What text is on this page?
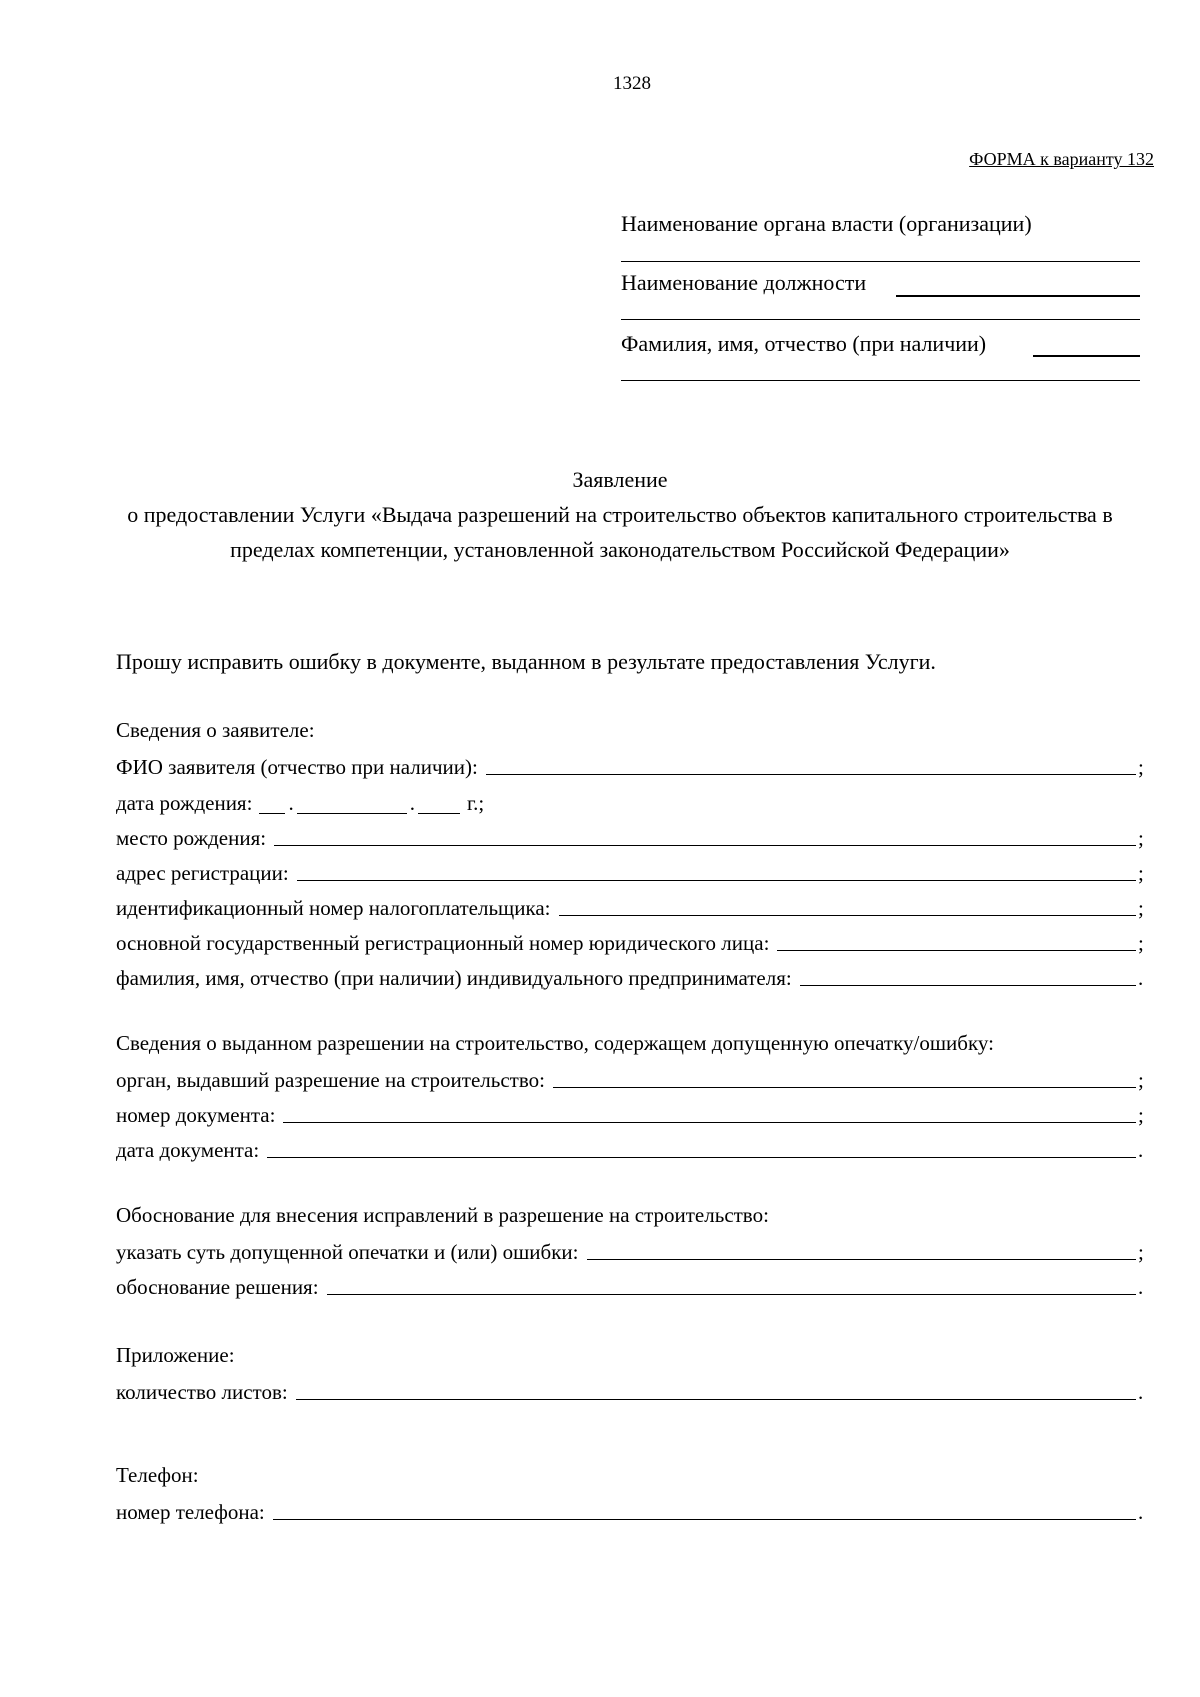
1328
ФОРМА к варианту 132
Наименование органа власти (организации)
Наименование должности
Фамилия, имя, отчество (при наличии)
Заявление
о предоставлении Услуги «Выдача разрешений на строительство объектов капитального строительства в пределах компетенции, установленной законодательством Российской Федерации»
Прошу исправить ошибку в документе, выданном в результате предоставления Услуги.
Сведения о заявителе:
ФИО заявителя (отчество при наличии):	;
дата рождения: .	. г.;
место рождения:	;
адрес регистрации:	;
идентификационный номер налогоплательщика:	;
основной государственный регистрационный номер юридического лица:	;
фамилия, имя, отчество (при наличии) индивидуального предпринимателя:	.
Сведения о выданном разрешении на строительство, содержащем допущенную опечатку/ошибку:
орган, выдавший разрешение на строительство:	;
номер документа:	;
дата документа:	.
Обоснование для внесения исправлений в разрешение на строительство:
указать суть допущенной опечатки и (или) ошибки:	;
обоснование решения:	.
Приложение:
количество листов:	.
Телефон:
номер телефона:	.
